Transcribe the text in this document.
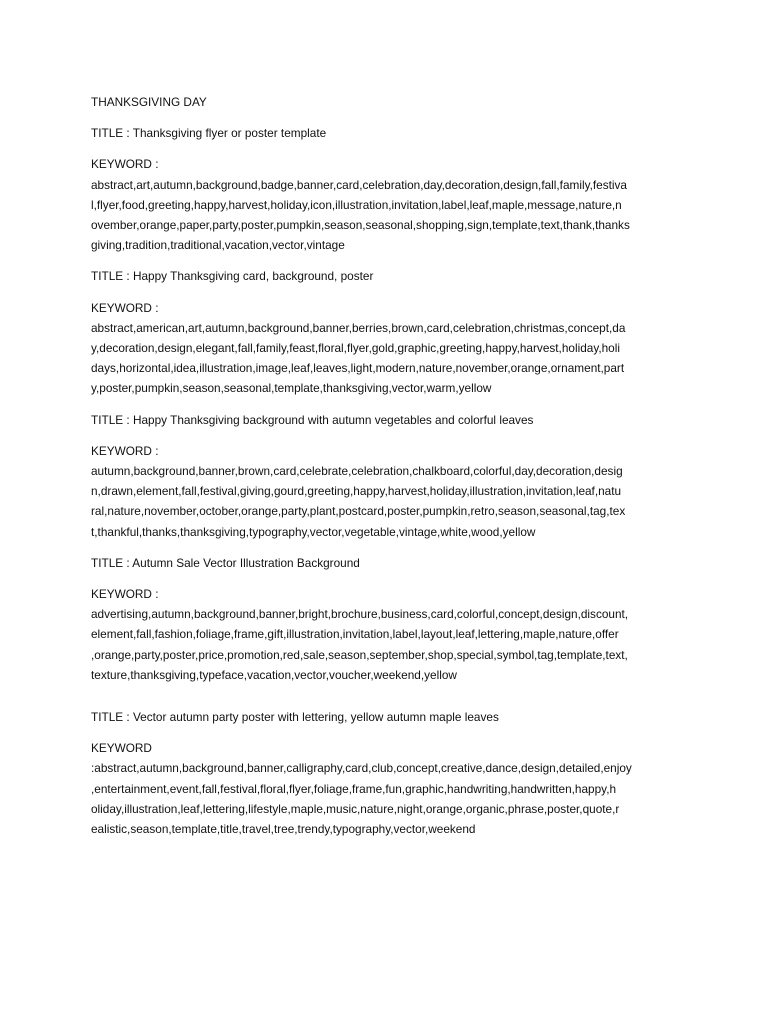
THANKSGIVING DAY
TITLE : Thanksgiving flyer or poster template
KEYWORD :
abstract,art,autumn,background,badge,banner,card,celebration,day,decoration,design,fall,family,festiva
l,flyer,food,greeting,happy,harvest,holiday,icon,illustration,invitation,label,leaf,maple,message,nature,n
ovember,orange,paper,party,poster,pumpkin,season,seasonal,shopping,sign,template,text,thank,thanks
giving,tradition,traditional,vacation,vector,vintage
TITLE : Happy Thanksgiving card, background, poster
KEYWORD :
abstract,american,art,autumn,background,banner,berries,brown,card,celebration,christmas,concept,da
y,decoration,design,elegant,fall,family,feast,floral,flyer,gold,graphic,greeting,happy,harvest,holiday,holi
days,horizontal,idea,illustration,image,leaf,leaves,light,modern,nature,november,orange,ornament,part
y,poster,pumpkin,season,seasonal,template,thanksgiving,vector,warm,yellow
TITLE : Happy Thanksgiving background with autumn vegetables and colorful leaves
KEYWORD :
autumn,background,banner,brown,card,celebrate,celebration,chalkboard,colorful,day,decoration,desig
n,drawn,element,fall,festival,giving,gourd,greeting,happy,harvest,holiday,illustration,invitation,leaf,natu
ral,nature,november,october,orange,party,plant,postcard,poster,pumpkin,retro,season,seasonal,tag,tex
t,thankful,thanks,thanksgiving,typography,vector,vegetable,vintage,white,wood,yellow
TITLE : Autumn Sale Vector Illustration Background
KEYWORD :
advertising,autumn,background,banner,bright,brochure,business,card,colorful,concept,design,discount,
element,fall,fashion,foliage,frame,gift,illustration,invitation,label,layout,leaf,lettering,maple,nature,offer
,orange,party,poster,price,promotion,red,sale,season,september,shop,special,symbol,tag,template,text,
texture,thanksgiving,typeface,vacation,vector,voucher,weekend,yellow
TITLE : Vector autumn party poster with lettering, yellow autumn maple leaves
KEYWORD
:abstract,autumn,background,banner,calligraphy,card,club,concept,creative,dance,design,detailed,enjoy
,entertainment,event,fall,festival,floral,flyer,foliage,frame,fun,graphic,handwriting,handwritten,happy,h
oliday,illustration,leaf,lettering,lifestyle,maple,music,nature,night,orange,organic,phrase,poster,quote,r
ealistic,season,template,title,travel,tree,trendy,typography,vector,weekend
